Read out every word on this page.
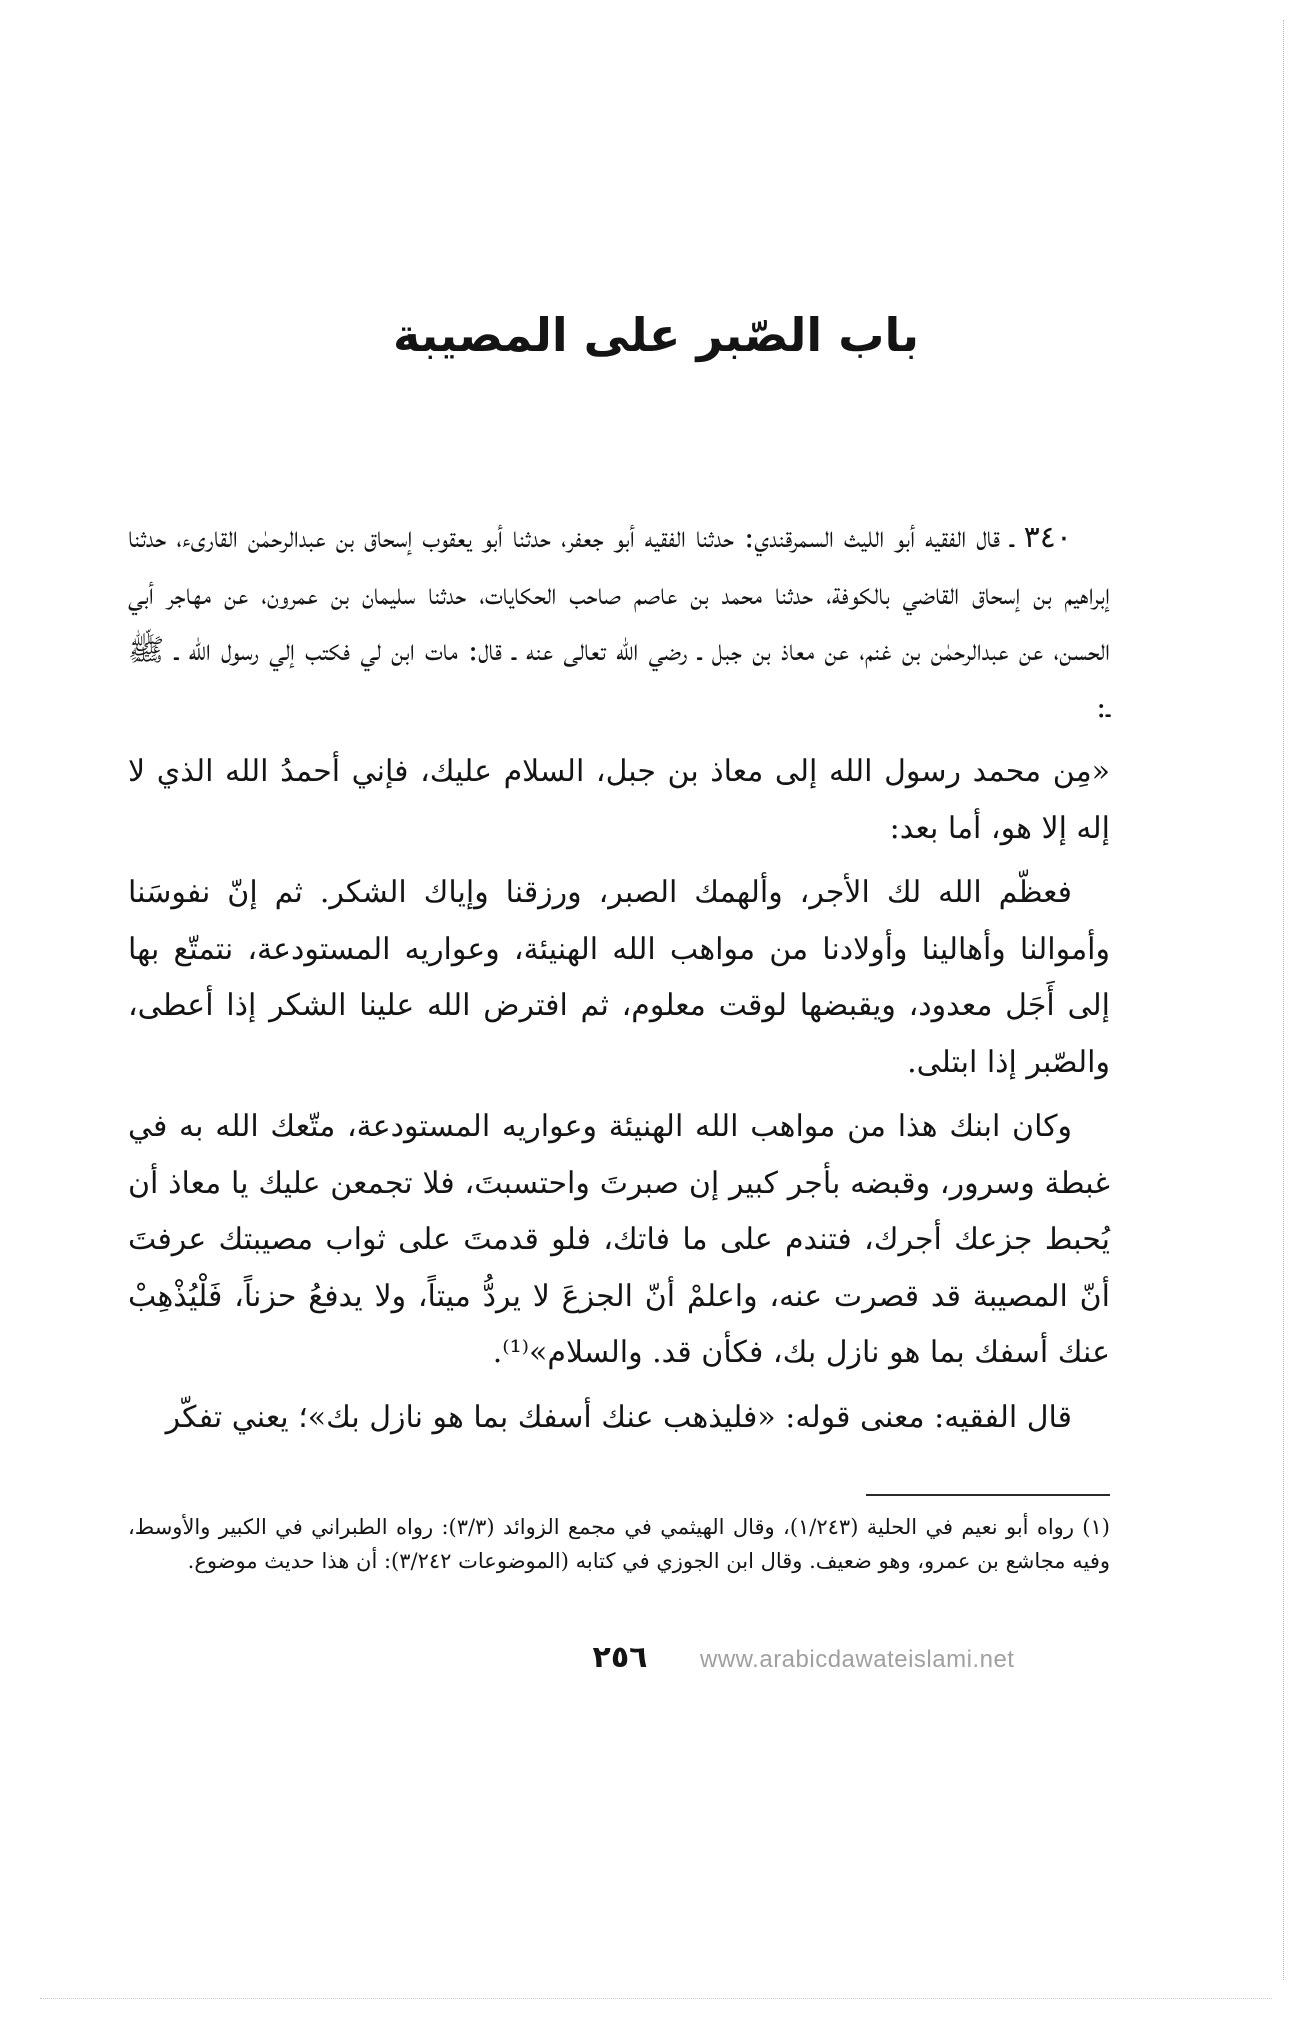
باب الصّبر على المصيبة

٣٤٠ ـ قال الفقيه أبو الليث السمرقندي: حدثنا الفقيه أبو جعفر، حدثنا أبو يعقوب إسحاق بن عبدالرحمٰن القارىء، حدثنا إبراهيم بن إسحاق القاضي بالكوفة، حدثنا محمد بن عاصم صاحب الحكايات، حدثنا سليمان بن عمرون، عن مهاجر أبي الحسن، عن عبدالرحمٰن بن غنم، عن معاذ بن جبل ـ رضي الله تعالى عنه ـ قال: مات ابن لي فكتب إلي رسول الله ـ ﷺ ـ:

«مِن محمد رسول الله إلى معاذ بن جبل، السلام عليك، فإني أحمدُ الله الذي لا إله إلا هو، أما بعد:

فعظّم الله لك الأجر، وألهمك الصبر، ورزقنا وإياك الشكر. ثم إنّ نفوسَنا وأموالنا وأهالينا وأولادنا من مواهب الله الهنيئة، وعواريه المستودعة، نتمتّع بها إلى أَجَل معدود، ويقبضها لوقت معلوم، ثم افترض الله علينا الشكر إذا أعطى، والصّبر إذا ابتلى.

وكان ابنك هذا من مواهب الله الهنيئة وعواريه المستودعة، متّعك الله به في غبطة وسرور، وقبضه بأجر كبير إن صبرتَ واحتسبتَ، فلا تجمعن عليك يا معاذ أن يُحبط جزعك أجرك، فتندم على ما فاتك، فلو قدمتَ على ثواب مصيبتك عرفتَ أنّ المصيبة قد قصرت عنه، واعلمْ أنّ الجزعَ لا يردُّ ميتاً، ولا يدفعُ حزناً، فَلْيُذْهِبْ عنك أسفك بما هو نازل بك، فكأن قد. والسلام»⁽¹⁾.

قال الفقيه: معنى قوله: «فليذهب عنك أسفك بما هو نازل بك»؛ يعني تفكّر

(١) رواه أبو نعيم في الحلية (١/٢٤٣)، وقال الهيثمي في مجمع الزوائد (٣/٣): رواه الطبراني في الكبير والأوسط، وفيه مجاشع بن عمرو، وهو ضعيف. وقال ابن الجوزي في كتابه (الموضوعات ٣/٢٤٢): أن هذا حديث موضوع.
٢٥٦	www.arabicdawateislami.net
